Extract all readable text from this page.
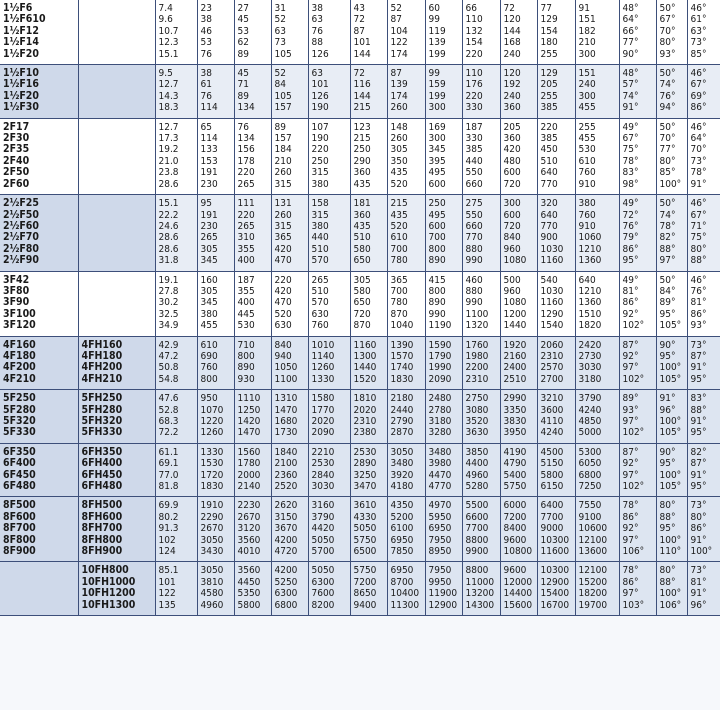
1½F6		7.4	23	27	31	38	43	52	60	66	72	77	91	48°	50°	46°
1½F610		9.6	38	45	52	63	72	87	99	110	120	129	151	64°	67°	61°
1½F12		10.7	46	53	63	76	87	104	119	132	144	154	182	66°	70°	63°
1½F14		12.3	53	62	73	88	101	122	139	154	168	180	210	77°	80°	73°
1½F20		15.1	76	89	105	126	144	174	199	220	240	255	300	90°	93°	85°
1½F10		9.5	38	45	52	63	72	87	99	110	120	129	151	48°	50°	46°
1½F16		12.7	61	71	84	101	116	139	159	176	192	205	240	57°	74°	67°
1½F20		14.3	76	89	105	126	144	174	199	220	240	255	300	74°	76°	69°
1½F30		18.3	114	134	157	190	215	260	300	330	360	385	455	91°	94°	86°
2F17		12.7	65	76	89	107	123	148	169	187	205	220	255	49°	50°	46°
2F30		17.3	114	134	157	190	215	260	300	330	360	385	455	67°	70°	64°
2F35		19.2	133	156	184	220	250	305	345	385	420	450	530	75°	77°	70°
2F40		21.0	153	178	210	250	290	350	395	440	480	510	610	78°	80°	73°
2F50		23.8	191	220	260	315	360	435	495	550	600	640	760	83°	85°	78°
2F60		28.6	230	265	315	380	435	520	600	660	720	770	910	98°	100°	91°
2½F25		15.1	95	111	131	158	181	215	250	275	300	320	380	49°	50°	46°
2½F50		22.2	191	220	260	315	360	435	495	550	600	640	760	72°	74°	67°
2½F60		24.6	230	265	315	380	435	520	600	660	720	770	910	76°	78°	71°
2½F70		28.6	265	310	365	440	510	610	700	770	840	900	1060	79°	82°	75°
2½F80		28.6	305	355	420	510	580	700	800	880	960	1030	1210	86°	88°	80°
2½F90		31.8	345	400	470	570	650	780	890	990	1080	1160	1360	95°	97°	88°
3F42		19.1	160	187	220	265	305	365	415	460	500	540	640	49°	50°	46°
3F80		27.8	305	355	420	510	580	700	800	880	960	1030	1210	81°	84°	76°
3F90		30.2	345	400	470	570	650	780	890	990	1080	1160	1360	86°	89°	81°
3F100		32.5	380	445	520	630	720	870	990	1100	1200	1290	1510	92°	95°	86°
3F120		34.9	455	530	630	760	870	1040	1190	1320	1440	1540	1820	102°	105°	93°
4F160	4FH160	42.9	610	710	840	1010	1160	1390	1590	1760	1920	2060	2420	87°	90°	73°
4F180	4FH180	47.2	690	800	940	1140	1300	1570	1790	1980	2160	2310	2730	92°	95°	87°
4F200	4FH200	50.8	760	890	1050	1260	1440	1740	1990	2200	2400	2570	3030	97°	100°	91°
4F210	4FH210	54.8	800	930	1100	1330	1520	1830	2090	2310	2510	2700	3180	102°	105°	95°
5F250	5FH250	47.6	950	1110	1310	1580	1810	2180	2480	2750	2990	3210	3790	89°	91°	83°
5F280	5FH280	52.8	1070	1250	1470	1770	2020	2440	2780	3080	3350	3600	4240	93°	96°	88°
5F320	5FH320	68.3	1220	1420	1680	2020	2310	2790	3180	3520	3830	4110	4850	97°	100°	91°
5F330	5FH330	72.2	1260	1470	1730	2090	2380	2870	3280	3630	3950	4240	5000	102°	105°	95°
6F350	6FH350	61.1	1330	1560	1840	2210	2530	3050	3480	3850	4190	4500	5300	87°	90°	82°
6F400	6FH400	69.1	1530	1780	2100	2530	2890	3480	3980	4400	4790	5150	6050	92°	95°	87°
6F450	6FH450	77.0	1720	2000	2360	2840	3250	3920	4470	4960	5400	5800	6800	97°	100°	91°
6F480	6FH480	81.8	1830	2140	2520	3030	3470	4180	4770	5280	5750	6150	7250	102°	105°	95°
8F500	8FH500	69.9	1910	2230	2620	3160	3610	4350	4970	5500	6000	6400	7550	78°	80°	73°
8F600	8FH600	80.2	2290	2670	3150	3790	4330	5200	5950	6600	7200	7700	9100	86°	88°	80°
8F700	8FH700	91.3	2670	3120	3670	4420	5050	6100	6950	7700	8400	9000	10600	92°	95°	86°
8F800	8FH800	102	3050	3560	4200	5050	5750	6950	7950	8800	9600	10300	12100	97°	100°	91°
8F900	8FH900	124	3430	4010	4720	5700	6500	7850	8950	9900	10800	11600	13600	106°	110°	100°
	10FH800	85.1	3050	3560	4200	5050	5750	6950	7950	8800	9600	10300	12100	78°	80°	73°
	10FH1000	101	3810	4450	5250	6300	7200	8700	9950	11000	12000	12900	15200	86°	88°	81°
	10FH1200	122	4580	5350	6300	7600	8650	10400	11900	13200	14400	15400	18200	97°	100°	91°
	10FH1300	135	4960	5800	6800	8200	9400	11300	12900	14300	15600	16700	19700	103°	106°	96°
